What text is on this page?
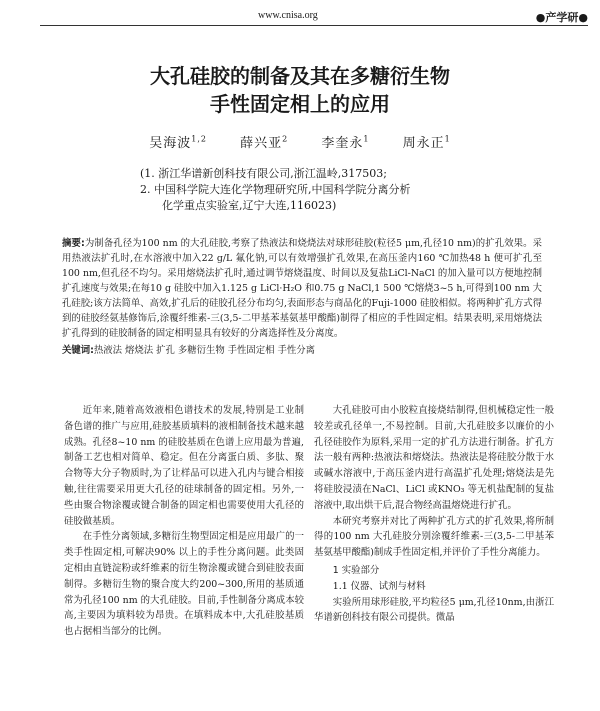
www.cnisa.org	●产学研●
大孔硅胶的制备及其在多糖衍生物
手性固定相上的应用
吴海波$^{1,2}$	薛兴亚$^2$	李奎永$^1$	周永正$^1$
(1. 浙江华谱新创科技有限公司,浙江温岭,317503;
2. 中国科学院大连化学物理研究所,中国科学院分离分析
化学重点实验室,辽宁大连,116023)
摘要:为制备孔径为100 nm 的大孔硅胶,考察了热液法和烧烧法对球形硅胶(粒径5 μm,孔径10 nm)的扩孔效果。采用热液法扩孔时,在水溶液中加入22 g/L 氟化钠,可以有效增强扩孔效果,在高压釜内160 ℃加热48 h 便可扩孔至100 nm,但孔径不均匀。采用熔烧法扩孔时,通过调节熔烧温度、时间以及复盐LiCl-NaCl 的加入量可以方便地控制扩孔速度与效果;在每10 g 硅胶中加入1.125 g LiCl·H₂O 和0.75 g NaCl,1 500 ℃熔烧3~5 h,可得到100 nm 大孔硅胶;该方法简单、高效,扩孔后的硅胶孔径分布均匀,表面形态与商品化的Fuji-1000 硅胶相似。将两种扩孔方式得到的硅胶经氨基修饰后,涂覆纤维素-三(3,5-二甲基苯基氨基甲酸酯)制得了相应的手性固定相。结果表明,采用熔烧法扩孔得到的硅胶制备的固定相明显具有较好的分离选择性及分离度。
关键词:热液法 熔烧法 扩孔 多糖衍生物 手性固定相 手性分离

近年来,随着高效液相色谱技术的发展,特别是工业制备色谱的推广与应用,硅胶基质填料的液相制备技术越来越成熟。孔径8~10 nm 的硅胶基质在色谱上应用最为普遍,制备工艺也相对简单、稳定。但在分离蛋白质、多肽、聚合物等大分子物质时,为了让样品可以进入孔内与键合相接触,往往需要采用更大孔径的硅球制备的固定相。另外,一些由聚合物涂覆或键合制备的固定相也需要使用大孔径的硅胶做基质。

在手性分离领域,多糖衍生物型固定相是应用最广的一类手性固定相,可解决90% 以上的手性分离问题。此类固定相由直链淀粉或纤维素的衍生物涂覆或键合到硅胶表面制得。多糖衍生物的聚合度大约200~300,所用的基质通常为孔径100 nm 的大孔硅胶。目前,手性制备分离成本较高,主要因为填料较为昂贵。在填料成本中,大孔硅胶基质也占据相当部分的比例。

大孔硅胶可由小胶粒直接烧结制得,但机械稳定性一般较差或孔径单一,不易控制。目前,大孔硅胶多以廉价的小孔径硅胶作为原料,采用一定的扩孔方法进行制备。扩孔方法一般有两种:热液法和熔烧法。热液法是将硅胶分散于水或碱水溶液中,于高压釜内进行高温扩孔处理;熔烧法是先将硅胶浸渍在NaCl、LiCl 或KNO₃ 等无机盐配制的复盐溶液中,取出烘干后,混合物经高温熔烧进行扩孔。

本研究考察并对比了两种扩孔方式的扩孔效果,将所制得的100 nm 大孔硅胶分别涂覆纤维素-三(3,5-二甲基苯基氨基甲酸酯)制成手性固定相,并评价了手性分离能力。

1 实验部分
1.1 仪器、试剂与材料

实验所用球形硅胶,平均粒径5 μm,孔径10nm,由浙江华谱新创科技有限公司提供。微晶
